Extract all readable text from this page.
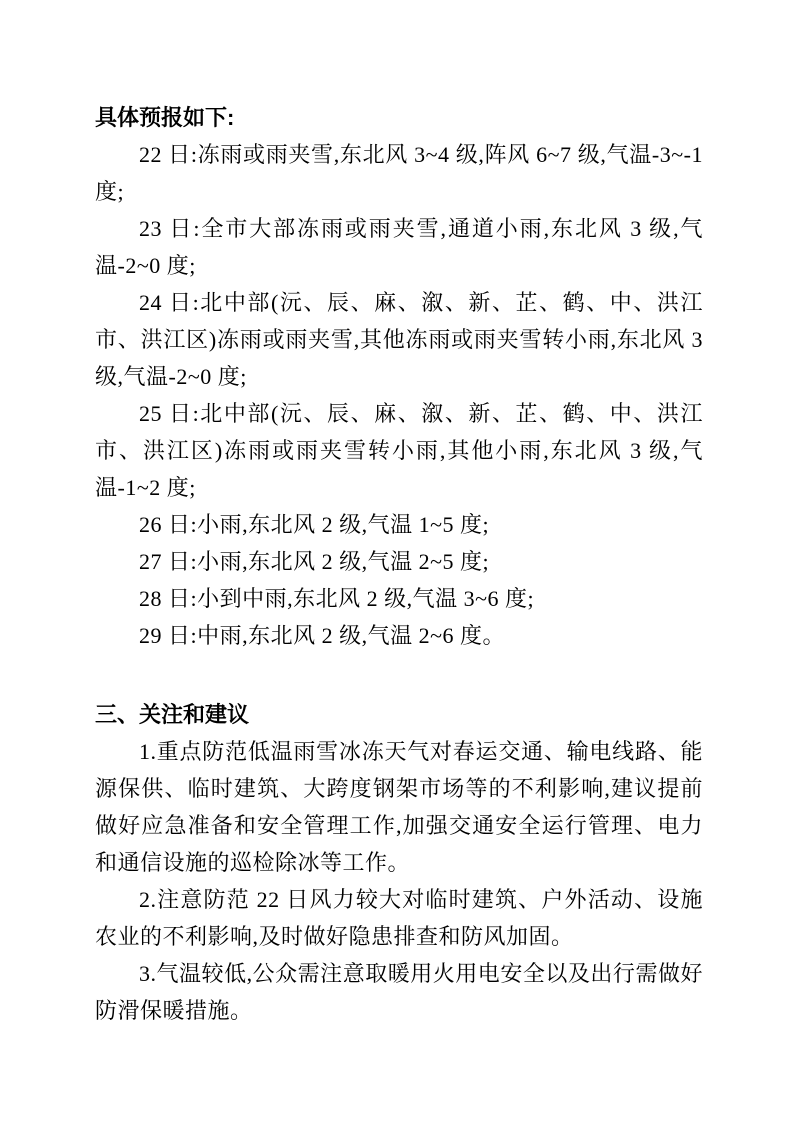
具体预报如下:

22 日:冻雨或雨夹雪,东北风 3~4 级,阵风 6~7 级,气温-3~-1 度;

23 日:全市大部冻雨或雨夹雪,通道小雨,东北风 3 级,气温-2~0 度;

24 日:北中部(沅、辰、麻、溆、新、芷、鹤、中、洪江市、洪江区)冻雨或雨夹雪,其他冻雨或雨夹雪转小雨,东北风 3 级,气温-2~0 度;

25 日:北中部(沅、辰、麻、溆、新、芷、鹤、中、洪江市、洪江区)冻雨或雨夹雪转小雨,其他小雨,东北风 3 级,气温-1~2 度;

26 日:小雨,东北风 2 级,气温 1~5 度;

27 日:小雨,东北风 2 级,气温 2~5 度;

28 日:小到中雨,东北风 2 级,气温 3~6 度;

29 日:中雨,东北风 2 级,气温 2~6 度。

三、关注和建议

1.重点防范低温雨雪冰冻天气对春运交通、输电线路、能源保供、临时建筑、大跨度钢架市场等的不利影响,建议提前做好应急准备和安全管理工作,加强交通安全运行管理、电力和通信设施的巡检除冰等工作。

2.注意防范 22 日风力较大对临时建筑、户外活动、设施农业的不利影响,及时做好隐患排查和防风加固。

3.气温较低,公众需注意取暖用火用电安全以及出行需做好防滑保暖措施。
